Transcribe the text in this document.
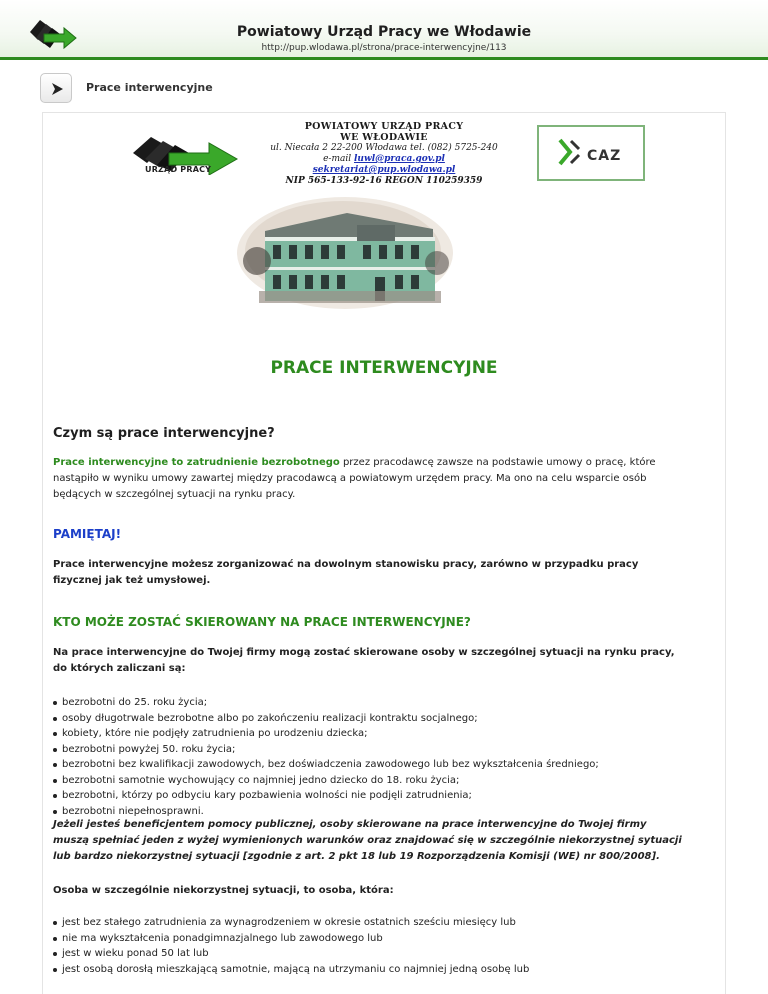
Powiatowy Urząd Pracy we Włodawie
http://pup.wlodawa.pl/strona/prace-interwencyjne/113
Prace interwencyjne
URZĄD PRACY
POWIATOWY URZĄD PRACY
WE WŁODAWIE
ul. Niecała 2 22-200 Włodawa tel. (082) 5725-240
e-mail luwl@praca.gov.pl
sekretariat@pup.wlodawa.pl
NIP 565-133-92-16 REGON 110259359
CAZ
PRACE INTERWENCYJNE
Czym są prace interwencyjne?
Prace interwencyjne to zatrudnienie bezrobotnego przez pracodawcę zawsze na podstawie umowy o pracę, które
nastąpiło w wyniku umowy zawartej między pracodawcą a powiatowym urzędem pracy. Ma ono na celu wsparcie osób
będących w szczególnej sytuacji na rynku pracy.
PAMIĘTAJ!
Prace interwencyjne możesz zorganizować na dowolnym stanowisku pracy, zarówno w przypadku pracy
fizycznej jak też umysłowej.
KTO MOŻE ZOSTAĆ SKIEROWANY NA PRACE INTERWENCYJNE?
Na prace interwencyjne do Twojej firmy mogą zostać skierowane osoby w szczególnej sytuacji na rynku pracy,
do których zaliczani są:
bezrobotni do 25. roku życia;
osoby długotrwale bezrobotne albo po zakończeniu realizacji kontraktu socjalnego;
kobiety, które nie podjęły zatrudnienia po urodzeniu dziecka;
bezrobotni powyżej 50. roku życia;
bezrobotni bez kwalifikacji zawodowych, bez doświadczenia zawodowego lub bez wykształcenia średniego;
bezrobotni samotnie wychowujący co najmniej jedno dziecko do 18. roku życia;
bezrobotni, którzy po odbyciu kary pozbawienia wolności nie podjęli zatrudnienia;
bezrobotni niepełnosprawni.
Jeżeli jesteś beneficjentem pomocy publicznej, osoby skierowane na prace interwencyjne do Twojej firmy
muszą spełniać jeden z wyżej wymienionych warunków oraz znajdować się w szczególnie niekorzystnej sytuacji
lub bardzo niekorzystnej sytuacji [zgodnie z art. 2 pkt 18 lub 19 Rozporządzenia Komisji (WE) nr 800/2008].
Osoba w szczególnie niekorzystnej sytuacji, to osoba, która:
jest bez stałego zatrudnienia za wynagrodzeniem w okresie ostatnich sześciu miesięcy lub
nie ma wykształcenia ponadgimnazjalnego lub zawodowego lub
jest w wieku ponad 50 lat lub
jest osobą dorosłą mieszkającą samotnie, mającą na utrzymaniu co najmniej jedną osobę lub
